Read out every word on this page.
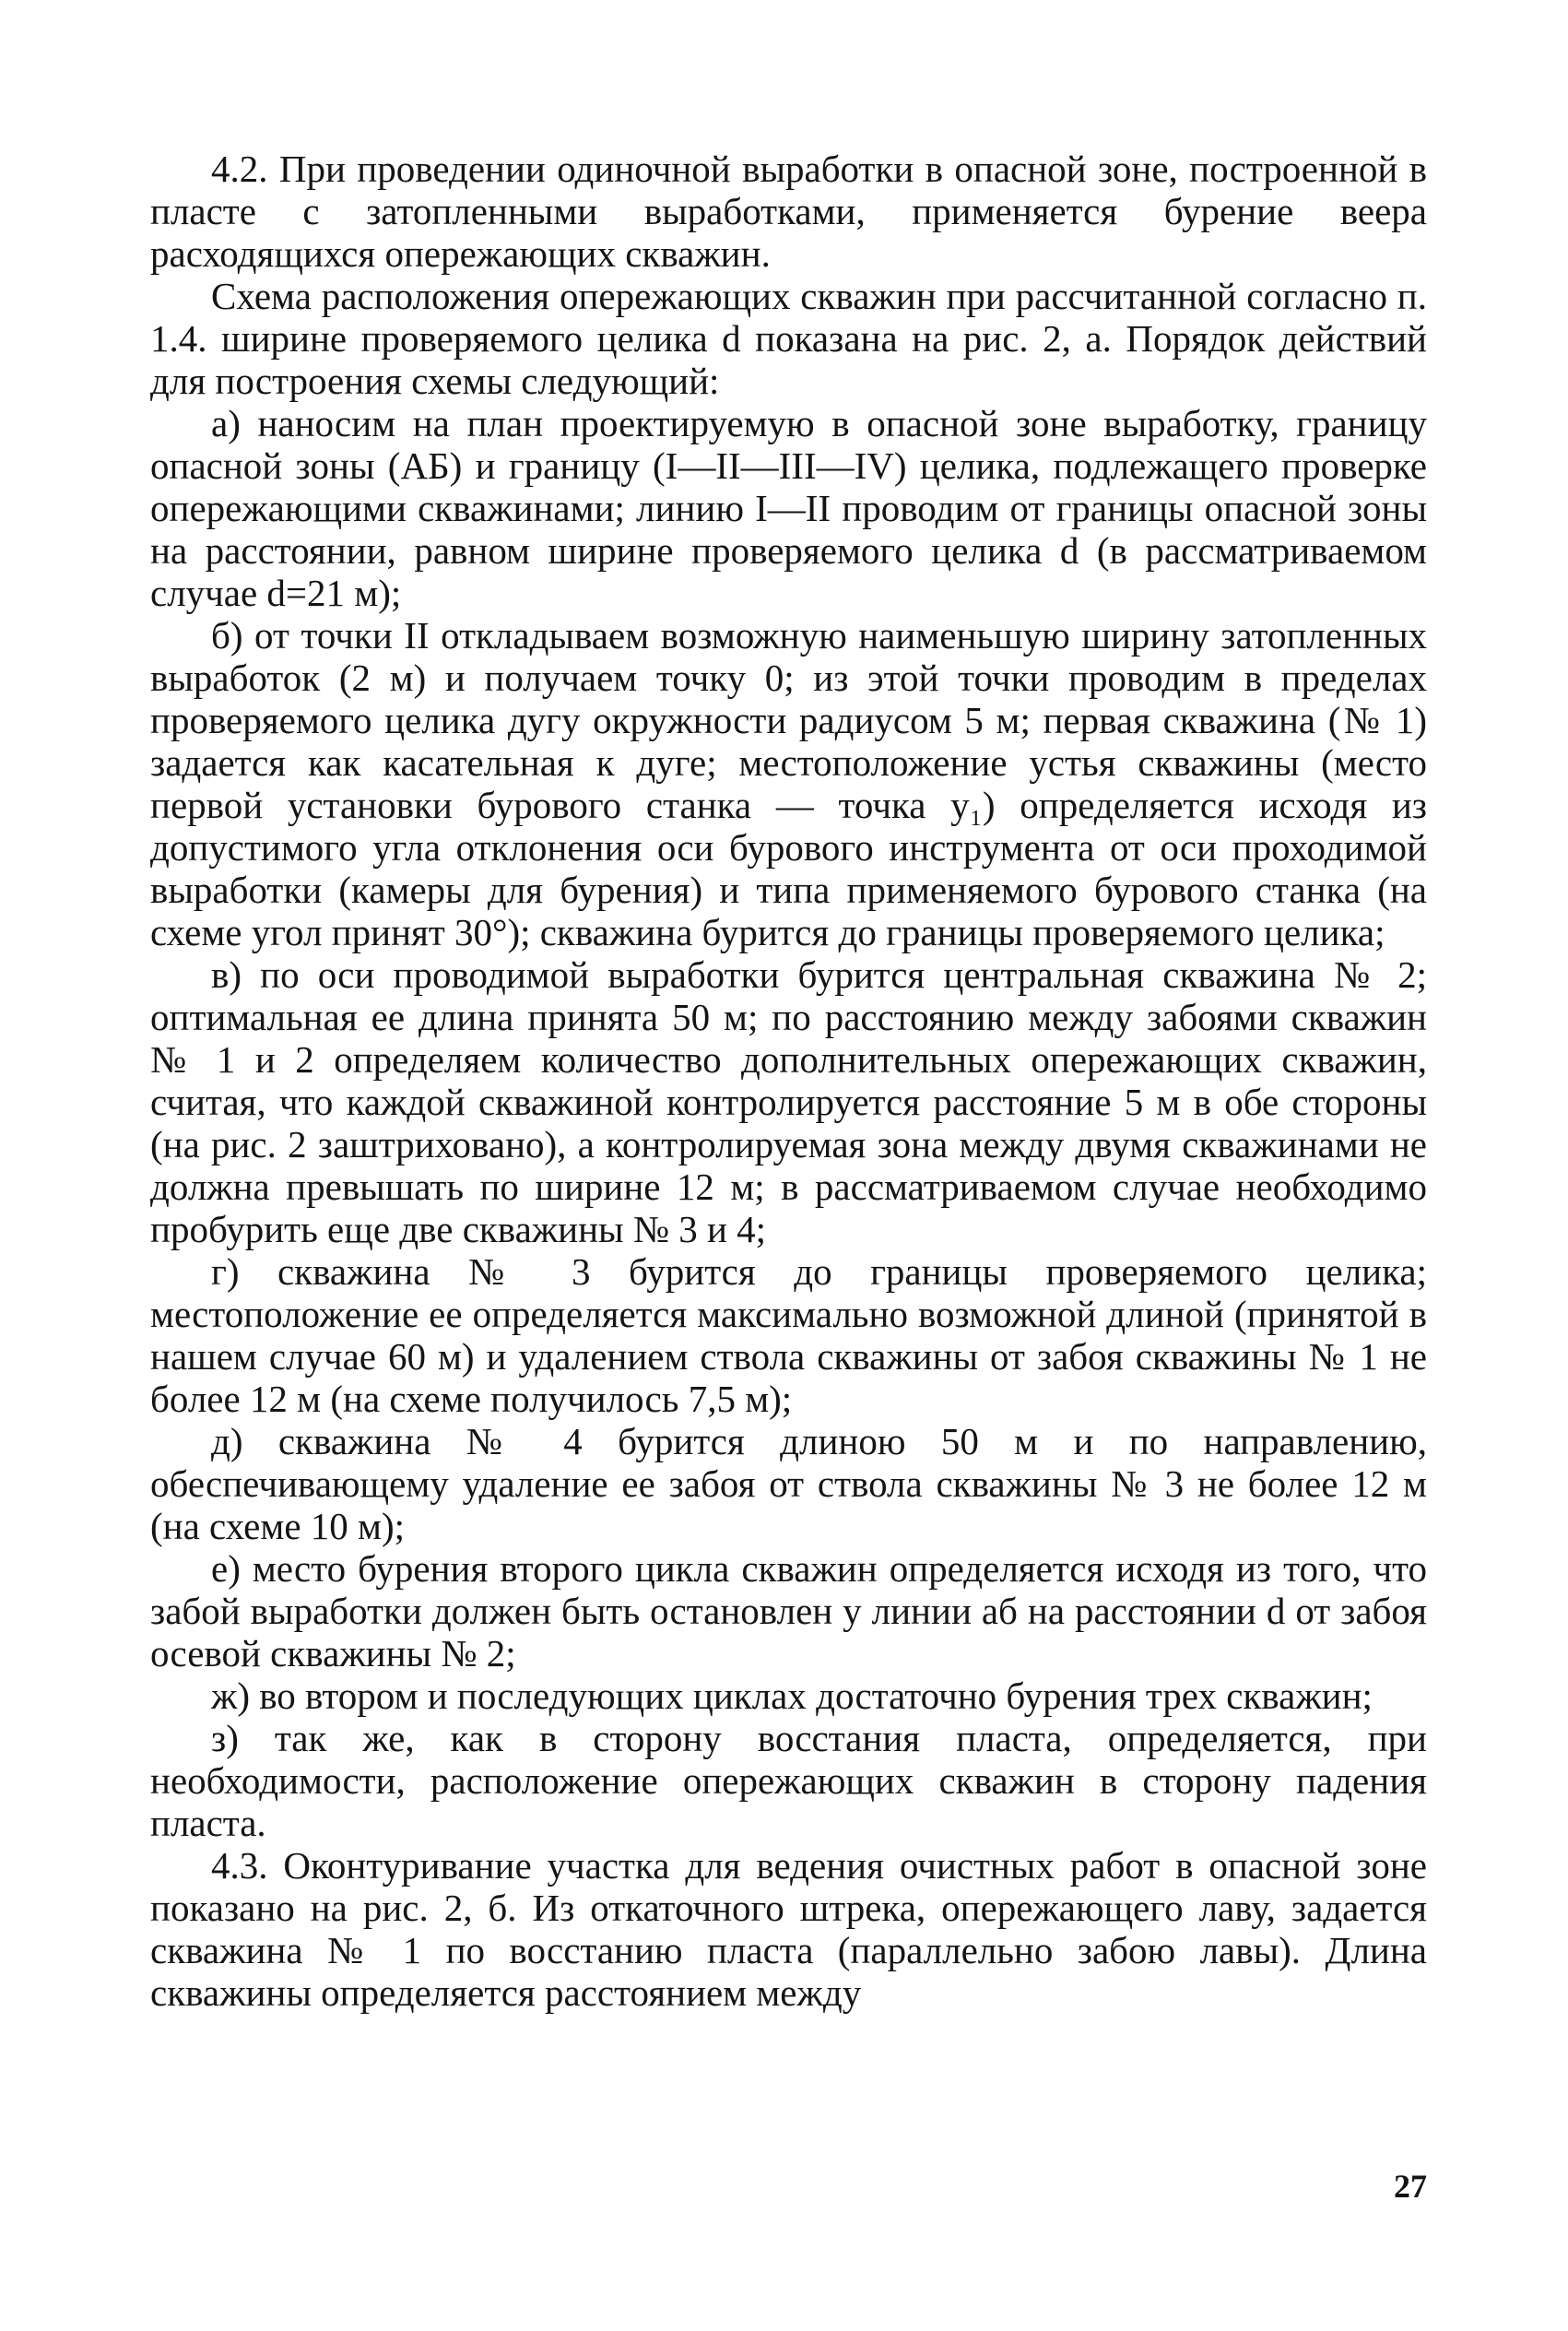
4.2. При проведении одиночной выработки в опасной зоне, построенной в пласте с затопленными выработками, применяется бурение веера расходящихся опережающих скважин.

Схема расположения опережающих скважин при рассчитанной согласно п. 1.4. ширине проверяемого целика d показана на рис. 2, а. Порядок действий для построения схемы следующий:

а) наносим на план проектируемую в опасной зоне выработку, границу опасной зоны (АБ) и границу (I—II—III—IV) целика, подлежащего проверке опережающими скважинами; линию I—II проводим от границы опасной зоны на расстоянии, равном ширине проверяемого целика d (в рассматриваемом случае d=21 м);

б) от точки II откладываем возможную наименьшую ширину затопленных выработок (2 м) и получаем точку 0; из этой точки проводим в пределах проверяемого целика дугу окружности радиусом 5 м; первая скважина (№ 1) задается как касательная к дуге; местоположение устья скважины (место первой установки бурового станка — точка y₁) определяется исходя из допустимого угла отклонения оси бурового инструмента от оси проходимой выработки (камеры для бурения) и типа применяемого бурового станка (на схеме угол принят 30°); скважина бурится до границы проверяемого целика;

в) по оси проводимой выработки бурится центральная скважина № 2; оптимальная ее длина принята 50 м; по расстоянию между забоями скважин № 1 и 2 определяем количество дополнительных опережающих скважин, считая, что каждой скважиной контролируется расстояние 5 м в обе стороны (на рис. 2 заштриховано), а контролируемая зона между двумя скважинами не должна превышать по ширине 12 м; в рассматриваемом случае необходимо пробурить еще две скважины № 3 и 4;

г) скважина № 3 бурится до границы проверяемого целика; местоположение ее определяется максимально возможной длиной (принятой в нашем случае 60 м) и удалением ствола скважины от забоя скважины № 1 не более 12 м (на схеме получилось 7,5 м);

д) скважина № 4 бурится длиною 50 м и по направлению, обеспечивающему удаление ее забоя от ствола скважины № 3 не более 12 м (на схеме 10 м);

е) место бурения второго цикла скважин определяется исходя из того, что забой выработки должен быть остановлен у линии аб на расстоянии d от забоя осевой скважины № 2;

ж) во втором и последующих циклах достаточно бурения трех скважин;

з) так же, как в сторону восстания пласта, определяется, при необходимости, расположение опережающих скважин в сторону падения пласта.

4.3. Оконтуривание участка для ведения очистных работ в опасной зоне показано на рис. 2, б. Из откаточного штрека, опережающего лаву, задается скважина № 1 по восстанию пласта (параллельно забою лавы). Длина скважины определяется расстоянием между

27
